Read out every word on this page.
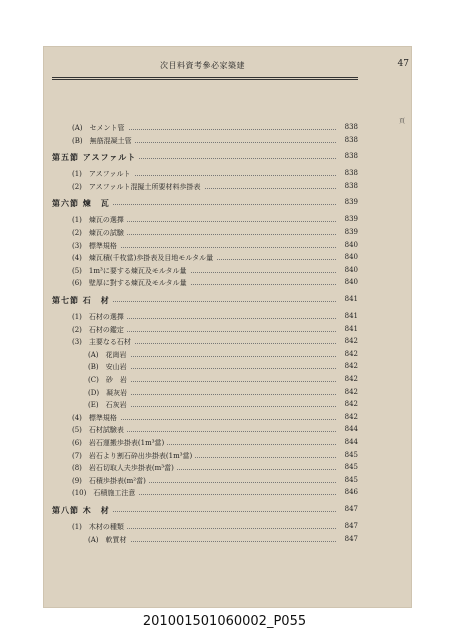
次目料資考參必家築建	47
頁
(A)　セメント管	838
(B)　無筋混凝土管	838
第五節 アスファルト	838
(1)　アスファルト	838
(2)　アスファルト混擬土所要材料歩掛表	838
第六節 煉　瓦	839
(1)　煉瓦の選擇	839
(2)　煉瓦の試驗	839
(3)　標準規格	840
(4)　煉瓦積(千枚當)歩掛表及目地モルタル量	840
(5)　1m³に要する煉瓦及モルタル量	840
(6)　壁厚に對する煉瓦及モルタル量	840
第七節 石　材	841
(1)　石材の選擇	841
(2)　石材の鑑定	841
(3)　主要なる石材	842
(A)　花崗岩	842
(B)　安山岩	842
(C)　砂　岩	842
(D)　凝灰岩	842
(E)　石灰岩	842
(4)　標準規格	842
(5)　石材試驗表	844
(6)　岩石運搬歩掛表(1m³當)	844
(7)　岩石より割石砕出歩掛表(1m³當)	845
(8)　岩石切取人夫歩掛表(m³當)	845
(9)　石積歩掛表(m²當)	845
(10)　石積施工注意	846
第八節 木　材	847
(1)　木材の種類	847
(A)　軟質材	847
201001501060002_P055
